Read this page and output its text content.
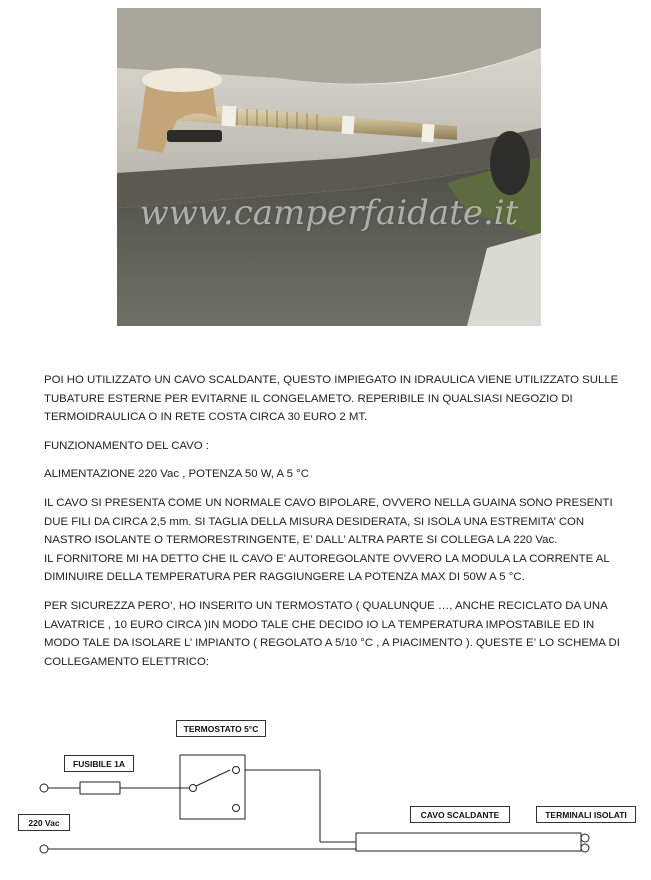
www.camperfaidate.it

POI HO UTILIZZATO UN CAVO SCALDANTE, QUESTO IMPIEGATO IN IDRAULICA VIENE UTILIZZATO SULLE TUBATURE ESTERNE PER EVITARNE IL CONGELAMETO. REPERIBILE IN QUALSIASI NEGOZIO DI TERMOIDRAULICA O IN RETE COSTA CIRCA 30 EURO 2 MT.

FUNZIONAMENTO DEL CAVO :

ALIMENTAZIONE 220 Vac , POTENZA 50 W, A 5 °C

IL CAVO SI PRESENTA COME UN NORMALE CAVO BIPOLARE, OVVERO NELLA GUAINA SONO PRESENTI DUE FILI DA CIRCA 2,5 mm. SI TAGLIA DELLA MISURA DESIDERATA, SI ISOLA UNA ESTREMITA’ CON NASTRO ISOLANTE O TERMORESTRINGENTE, E’ DALL’ ALTRA PARTE SI COLLEGA LA 220 Vac.

IL FORNITORE MI HA DETTO CHE IL CAVO E’ AUTOREGOLANTE OVVERO LA MODULA LA CORRENTE AL DIMINUIRE DELLA TEMPERATURA PER RAGGIUNGERE LA POTENZA MAX DI 50W A 5 °C.

PER SICUREZZA PERO’, HO INSERITO UN TERMOSTATO ( QUALUNQUE …, ANCHE RECICLATO DA UNA LAVATRICE , 10 EURO CIRCA )IN MODO TALE CHE DECIDO IO LA TEMPERATURA IMPOSTABILE ED IN MODO TALE DA ISOLARE L’ IMPIANTO ( REGOLATO A 5/10 °C , A PIACIMENTO ). QUESTE E’ LO SCHEMA DI COLLEGAMENTO ELETTRICO:

TERMOSTATO 5°C
FUSIBILE 1A
220 Vac
CAVO SCALDANTE	TERMINALI ISOLATI
